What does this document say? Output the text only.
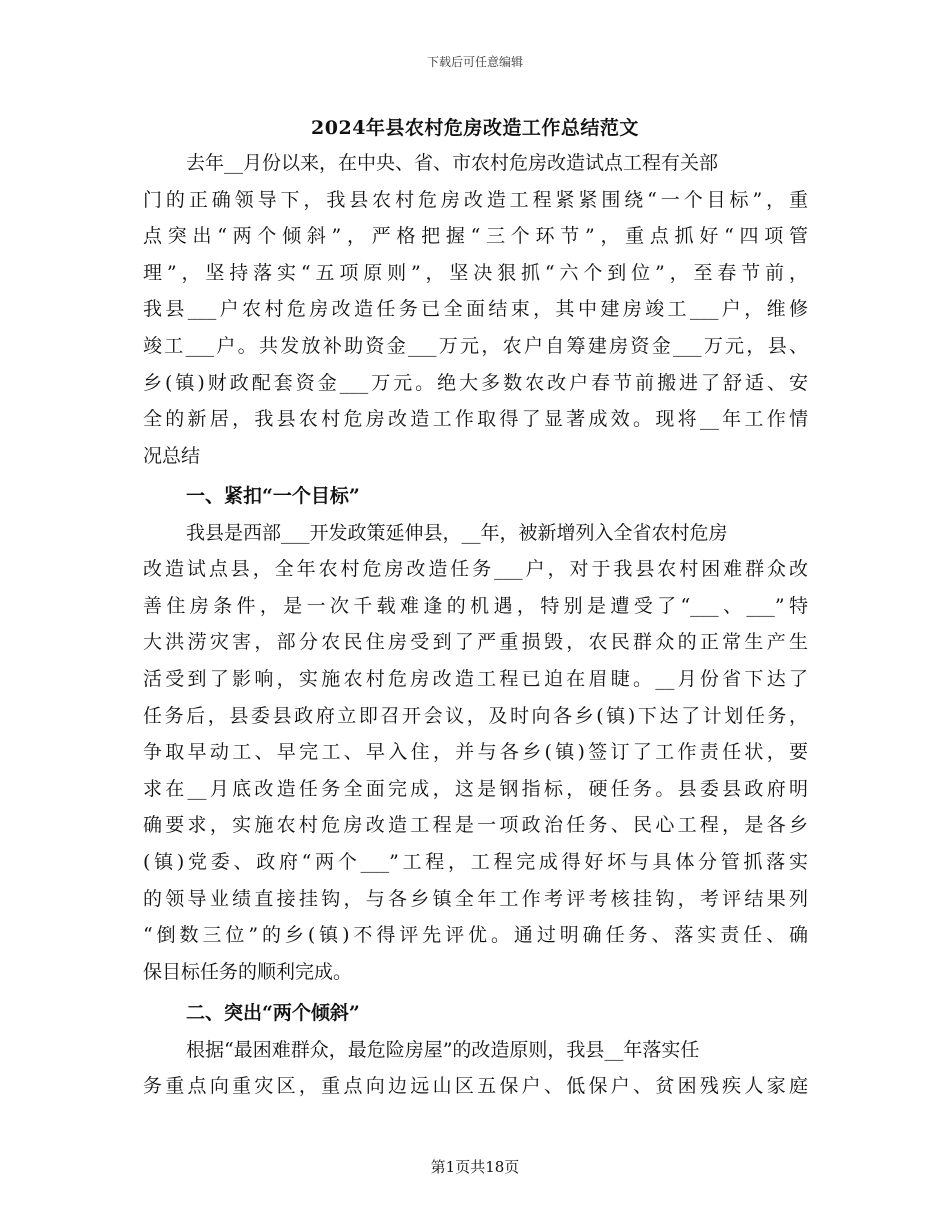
下载后可任意编辑
2024年县农村危房改造工作总结范文
去年__月份以来，在中央、省、市农村危房改造试点工程有关部
门的正确领导下，我县农村危房改造工程紧紧围绕“一个目标”，重
点突出“两个倾斜”，严格把握“三个环节”，重点抓好“四项管
理”，坚持落实“五项原则”，坚决狠抓“六个到位”，至春节前，
我县___户农村危房改造任务已全面结束，其中建房竣工___户，维修
竣工___户。共发放补助资金___万元，农户自筹建房资金___万元，县、
乡(镇)财政配套资金___万元。绝大多数农改户春节前搬进了舒适、安
全的新居，我县农村危房改造工作取得了显著成效。现将__年工作情
况总结
一、紧扣“一个目标”
我县是西部___开发政策延伸县，__年，被新增列入全省农村危房
改造试点县，全年农村危房改造任务___户，对于我县农村困难群众改
善住房条件，是一次千载难逢的机遇，特别是遭受了“___、___”特
大洪涝灾害，部分农民住房受到了严重损毁，农民群众的正常生产生
活受到了影响，实施农村危房改造工程已迫在眉睫。__月份省下达了
任务后，县委县政府立即召开会议，及时向各乡(镇)下达了计划任务，
争取早动工、早完工、早入住，并与各乡(镇)签订了工作责任状，要
求在__月底改造任务全面完成，这是钢指标，硬任务。县委县政府明
确要求，实施农村危房改造工程是一项政治任务、民心工程，是各乡
(镇)党委、政府“两个___”工程，工程完成得好坏与具体分管抓落实
的领导业绩直接挂钩，与各乡镇全年工作考评考核挂钩，考评结果列
“倒数三位”的乡(镇)不得评先评优。通过明确任务、落实责任、确
保目标任务的顺利完成。
二、突出“两个倾斜”
根据“最困难群众，最危险房屋”的改造原则，我县__年落实任
务重点向重灾区，重点向边远山区五保户、低保户、贫困残疾人家庭
第1页共18页
